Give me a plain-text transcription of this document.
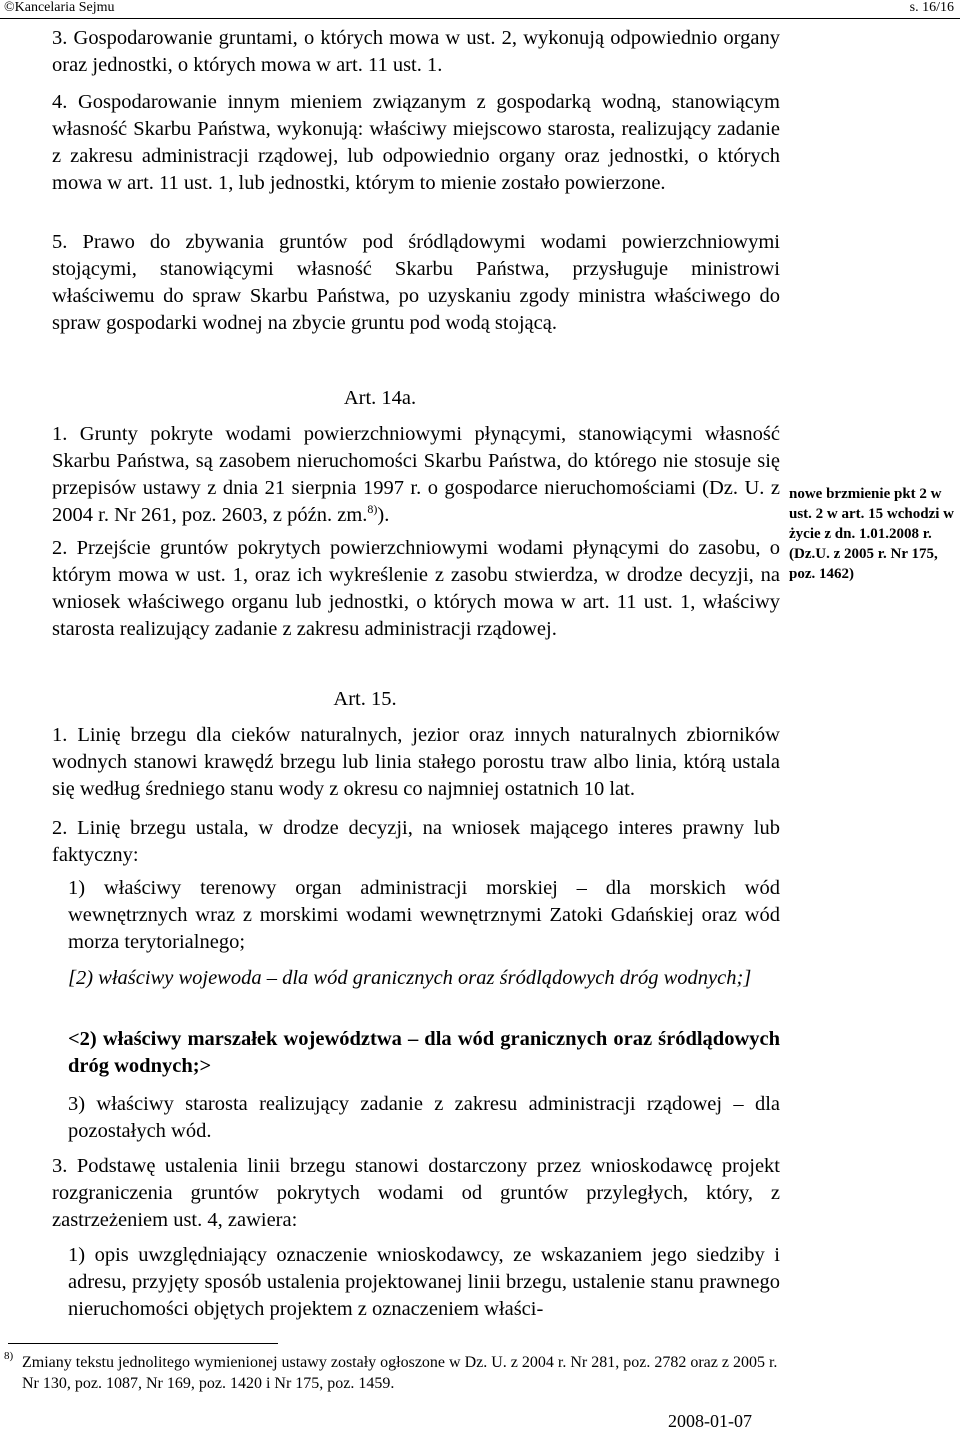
©Kancelaria Sejmu	s. 16/16
3. Gospodarowanie gruntami, o których mowa w ust. 2, wykonują odpowiednio organy oraz jednostki, o których mowa w art. 11 ust. 1.
4. Gospodarowanie innym mieniem związanym z gospodarką wodną, stanowiącym własność Skarbu Państwa, wykonują: właściwy miejscowo starosta, realizujący zadanie z zakresu administracji rządowej, lub odpowiednio organy oraz jednostki, o których mowa w art. 11 ust. 1, lub jednostki, którym to mienie zostało powierzone.
5. Prawo do zbywania gruntów pod śródlądowymi wodami powierzchniowymi stojącymi, stanowiącymi własność Skarbu Państwa, przysługuje ministrowi właściwemu do spraw Skarbu Państwa, po uzyskaniu zgody ministra właściwego do spraw gospodarki wodnej na zbycie gruntu pod wodą stojącą.
Art. 14a.
1. Grunty pokryte wodami powierzchniowymi płynącymi, stanowiącymi własność Skarbu Państwa, są zasobem nieruchomości Skarbu Państwa, do którego nie stosuje się przepisów ustawy z dnia 21 sierpnia 1997 r. o gospodarce nieruchomościami (Dz. U. z 2004 r. Nr 261, poz. 2603, z późn. zm.$^{8)}$).
2. Przejście gruntów pokrytych powierzchniowymi wodami płynącymi do zasobu, o którym mowa w ust. 1, oraz ich wykreślenie z zasobu stwierdza, w drodze decyzji, na wniosek właściwego organu lub jednostki, o których mowa w art. 11 ust. 1, właściwy starosta realizujący zadanie z zakresu administracji rządowej.
nowe brzmienie pkt 2 w ust. 2 w art. 15 wchodzi w życie z dn. 1.01.2008 r. (Dz.U. z 2005 r. Nr 175, poz. 1462)
Art. 15.
1. Linię brzegu dla cieków naturalnych, jezior oraz innych naturalnych zbiorników wodnych stanowi krawędź brzegu lub linia stałego porostu traw albo linia, którą ustala się według średniego stanu wody z okresu co najmniej ostatnich 10 lat.
2. Linię brzegu ustala, w drodze decyzji, na wniosek mającego interes prawny lub faktyczny:
1) właściwy terenowy organ administracji morskiej – dla morskich wód wewnętrznych wraz z morskimi wodami wewnętrznymi Zatoki Gdańskiej oraz wód morza terytorialnego;
[2) właściwy wojewoda – dla wód granicznych oraz śródlądowych dróg wodnych;]
<2) właściwy marszałek województwa – dla wód granicznych oraz śródlądowych dróg wodnych;>
3) właściwy starosta realizujący zadanie z zakresu administracji rządowej – dla pozostałych wód.
3. Podstawę ustalenia linii brzegu stanowi dostarczony przez wnioskodawcę projekt rozgraniczenia gruntów pokrytych wodami od gruntów przyległych, który, z zastrzeżeniem ust. 4, zawiera:
1) opis uwzględniający oznaczenie wnioskodawcy, ze wskazaniem jego siedziby i adresu, przyjęty sposób ustalenia projektowanej linii brzegu, ustalenie stanu prawnego nieruchomości objętych projektem z oznaczeniem właści-
8) Zmiany tekstu jednolitego wymienionej ustawy zostały ogłoszone w Dz. U. z 2004 r. Nr 281, poz. 2782 oraz z 2005 r. Nr 130, poz. 1087, Nr 169, poz. 1420 i Nr 175, poz. 1459.
2008-01-07
